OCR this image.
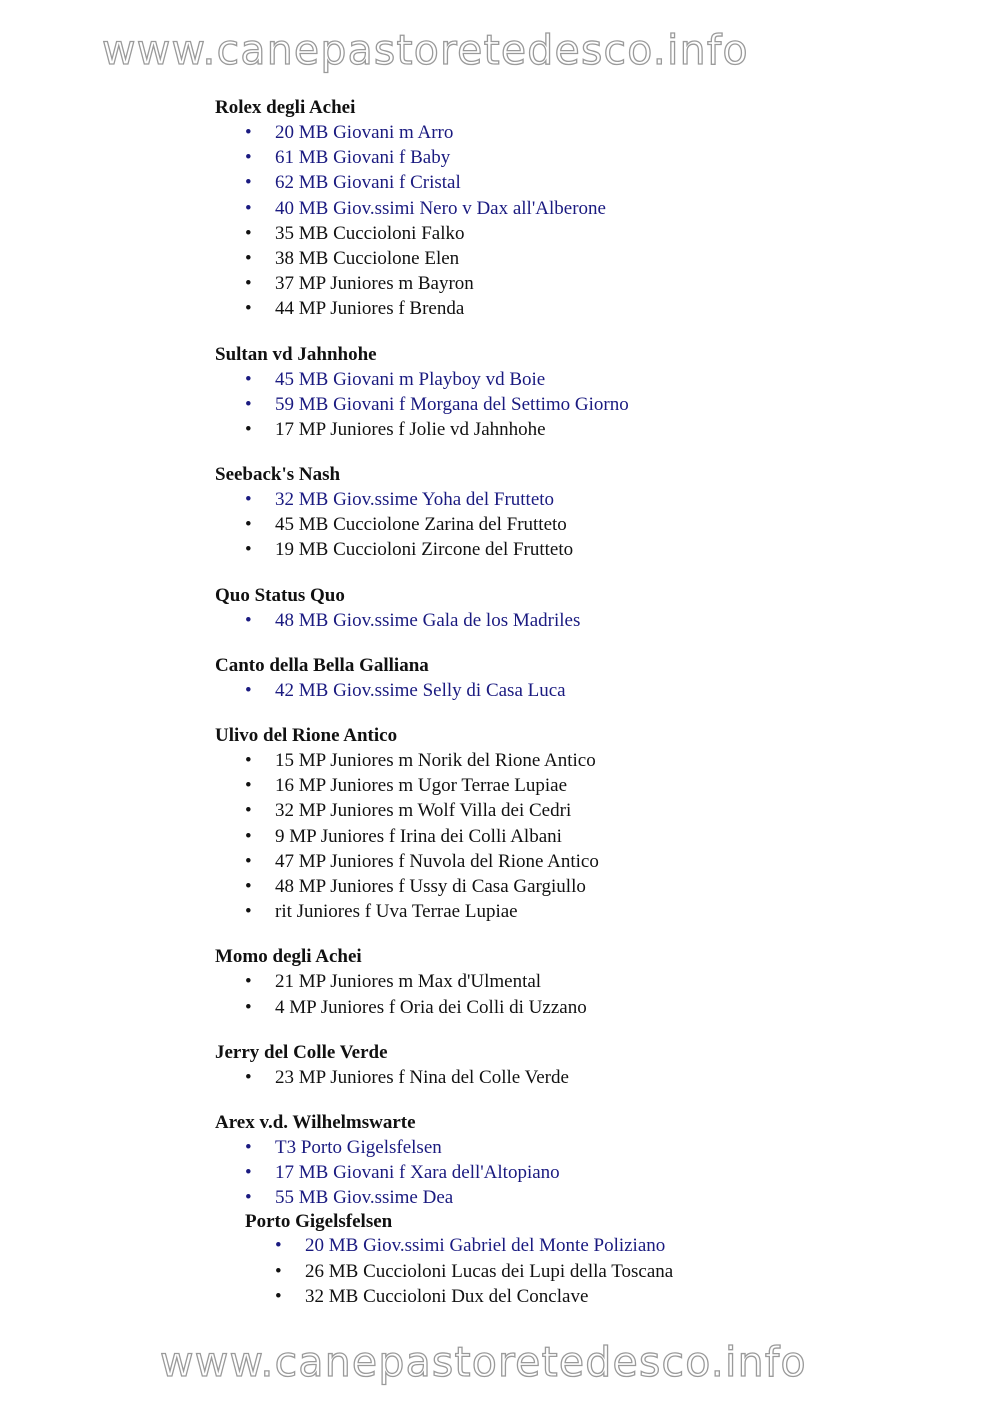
www.canepastoretedesco.info
Rolex degli Achei
• 20 MB Giovani m Arro
• 61 MB Giovani f Baby
• 62 MB Giovani f Cristal
• 40 MB Giov.ssimi Nero v Dax all'Alberone
• 35 MB Cuccioloni Falko
• 38 MB Cucciolone Elen
• 37 MP Juniores m Bayron
• 44 MP Juniores f Brenda
Sultan vd Jahnhohe
• 45 MB Giovani m Playboy vd Boie
• 59 MB Giovani f Morgana del Settimo Giorno
• 17 MP Juniores f Jolie vd Jahnhohe
Seeback's Nash
• 32 MB Giov.ssime Yoha del Frutteto
• 45 MB Cucciolone Zarina del Frutteto
• 19 MB Cuccioloni Zircone del Frutteto
Quo Status Quo
• 48 MB Giov.ssime Gala de los Madriles
Canto della Bella Galliana
• 42 MB Giov.ssime Selly di Casa Luca
Ulivo del Rione Antico
• 15 MP Juniores m Norik del Rione Antico
• 16 MP Juniores m Ugor Terrae Lupiae
• 32 MP Juniores m Wolf Villa dei Cedri
• 9 MP Juniores f Irina dei Colli Albani
• 47 MP Juniores f Nuvola del Rione Antico
• 48 MP Juniores f Ussy di Casa Gargiullo
• rit Juniores f Uva Terrae Lupiae
Momo degli Achei
• 21 MP Juniores m Max d'Ulmental
• 4 MP Juniores f Oria dei Colli di Uzzano
Jerry del Colle Verde
• 23 MP Juniores f Nina del Colle Verde
Arex v.d. Wilhelmswarte
• T3 Porto Gigelsfelsen
• 17 MB Giovani f Xara dell'Altopiano
• 55 MB Giov.ssime Dea
Porto Gigelsfelsen
• 20 MB Giov.ssimi Gabriel del Monte Poliziano
• 26 MB Cuccioloni Lucas dei Lupi della Toscana
• 32 MB Cuccioloni Dux del Conclave
www.canepastoretedesco.info
